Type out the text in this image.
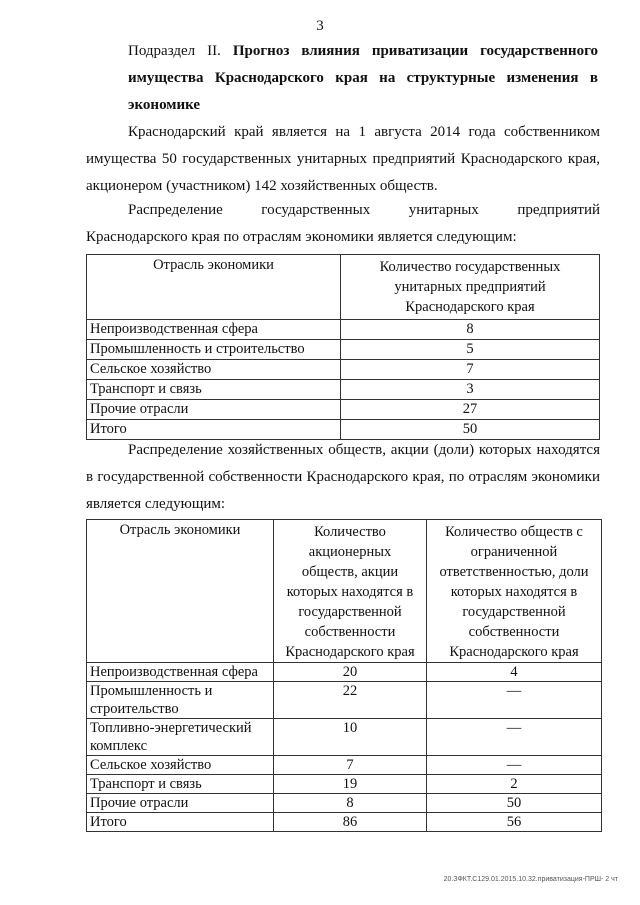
3
Подраздел II. Прогноз влияния приватизации государственного имущества Краснодарского края на структурные изменения в экономике
Краснодарский край является на 1 августа 2014 года собственником имущества 50 государственных унитарных предприятий Краснодарского края, акционером (участником) 142 хозяйственных обществ.
Распределение государственных унитарных предприятий Краснодарского края по отраслям экономики является следующим:
Отрасль экономики	Количество государственных унитарных предприятий Краснодарского края
Непроизводственная сфера	8
Промышленность и строительство	5
Сельское хозяйство	7
Транспорт и связь	3
Прочие отрасли	27
Итого	50
Распределение хозяйственных обществ, акции (доли) которых находятся в государственной собственности Краснодарского края, по отраслям экономики является следующим:
Отрасль экономики	Количество акционерных обществ, акции которых находятся в государственной собственности Краснодарского края	Количество обществ с ограниченной ответственностью, доли которых находятся в государственной собственности Краснодарского края
Непроизводственная сфера	20	4
Промышленность и строительство	22	—
Топливно-энергетический комплекс	10	—
Сельское хозяйство	7	—
Транспорт и связь	19	2
Прочие отрасли	8	50
Итого	86	56
20.ЗФКТ.С129.01.2015.10.32.приватизация-ПРШ- 2 чт
